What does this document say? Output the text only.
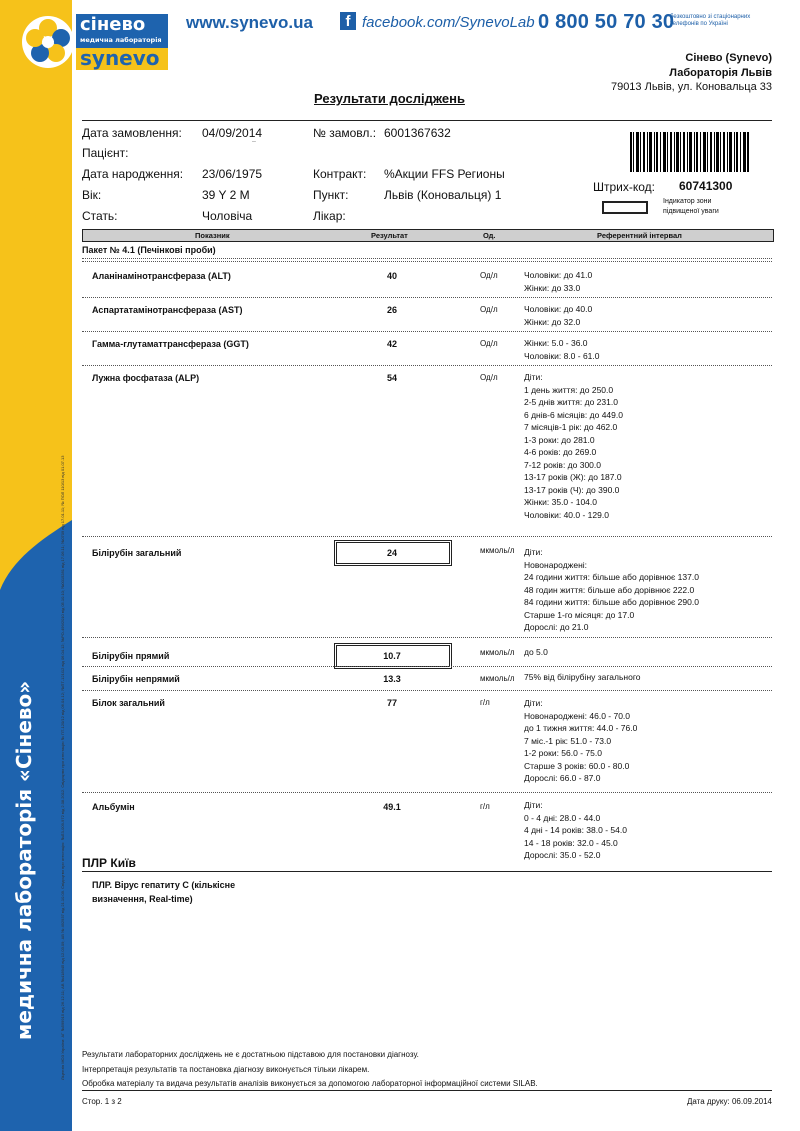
додає цінність діагнозу
медична лабораторія «Сінево»	Ліцензія МОЗ України: АГ №599915 від 26.12.11; АВ №418945 від 12.03.09; АВ № 492937 від 21.10.09. Свідоцтво про атестацію: №ЛЗ-009-972 від 2.08.2012. Свідоцтво про атестацію № ПТ-120/12 від 06.04.12; №ПТ-121/12 від 06.04.12; №РО-499/2010 від 05.10.10; №0015281 від 17.06.11; №0709 від 17.01.11; № ПОЛ 110/13 від 01.07.13
сінево
медична лабораторія
synevo
www.synevo.ua	f facebook.com/SynevoLab 0 800 50 70 30
безкоштовно зі стаціонарних телефонів по Україні
Сінево (Synevo)
Лабораторія Львів
79013 Львів, ул. Коновальца 33
Результати досліджень
Дата замовлення: 04/09/2014	№ замовл.: 6001367632
Пацієнт:
–
Дата народження: 23/06/1975	Контракт: %Акции FFS Регионы
Вік:	39 Y 2 M	Пункт:	Львів (Коновальця) 1
Стать:	Чоловіча	Лікар:
Штрих-код: 60741300
Індикатор зони підвищеної уваги
Показник	Результат	Од.	Референтний інтервал
Пакет № 4.1 (Печінкові проби)
Аланінамінотрансфераза (ALT)	40	Од/л	Чоловіки: до 41.0
Жінки: до 33.0
Аспартатамінотрансфераза (AST)	26	Од/л	Чоловіки: до 40.0
Жінки: до 32.0
Гамма-глутаматтрансфераза (GGT)	42	Од/л	Жінки: 5.0 - 36.0
Чоловіки: 8.0 - 61.0
Лужна фосфатаза (ALP)	54	Од/л	Діти:
1 день життя: до 250.0
2-5 днів життя: до 231.0
6 днів-6 місяців: до 449.0
7 місяців-1 рік: до 462.0
1-3 роки: до 281.0
4-6 років: до 269.0
7-12 років: до 300.0
13-17 років (Ж): до 187.0
13-17 років (Ч): до 390.0
Жінки: 35.0 - 104.0
Чоловіки: 40.0 - 129.0
Білірубін загальний	24	мкмоль/л Діти:
Новонароджені:
24 години життя: більше або дорівнює 137.0
48 годин життя: більше або дорівнює 222.0
84 години життя: більше або дорівнює 290.0
Старше 1-го місяця: до 17.0
Дорослі: до 21.0
Білірубін прямий	10.7	мкмоль/л до 5.0
Білірубін непрямий	13.3	мкмоль/л 75% від білірубіну загального
Білок загальний	77	г/л	Діти:
Новонароджені: 46.0 - 70.0
до 1 тижня життя: 44.0 - 76.0
7 міс.-1 рік: 51.0 - 73.0
1-2 роки: 56.0 - 75.0
Старше 3 років: 60.0 - 80.0
Дорослі: 66.0 - 87.0
Альбумін	49.1	г/л	Діти:
0 - 4 дні: 28.0 - 44.0
4 дні - 14 років: 38.0 - 54.0
14 - 18 років: 32.0 - 45.0
Дорослі: 35.0 - 52.0
ПЛР Київ
ПЛР. Вірус гепатиту С (кількісне
визначення, Real-time)
Результати лабораторних досліджень не є достатньою підставою для постановки діагнозу.
Інтерпретація результатів та постановка діагнозу виконується тільки лікарем.
Обробка матеріалу та видача результатів аналізів виконується за допомогою лабораторної інформаційної системи SILAB.
Стор. 1 з 2	Дата друку: 06.09.2014
